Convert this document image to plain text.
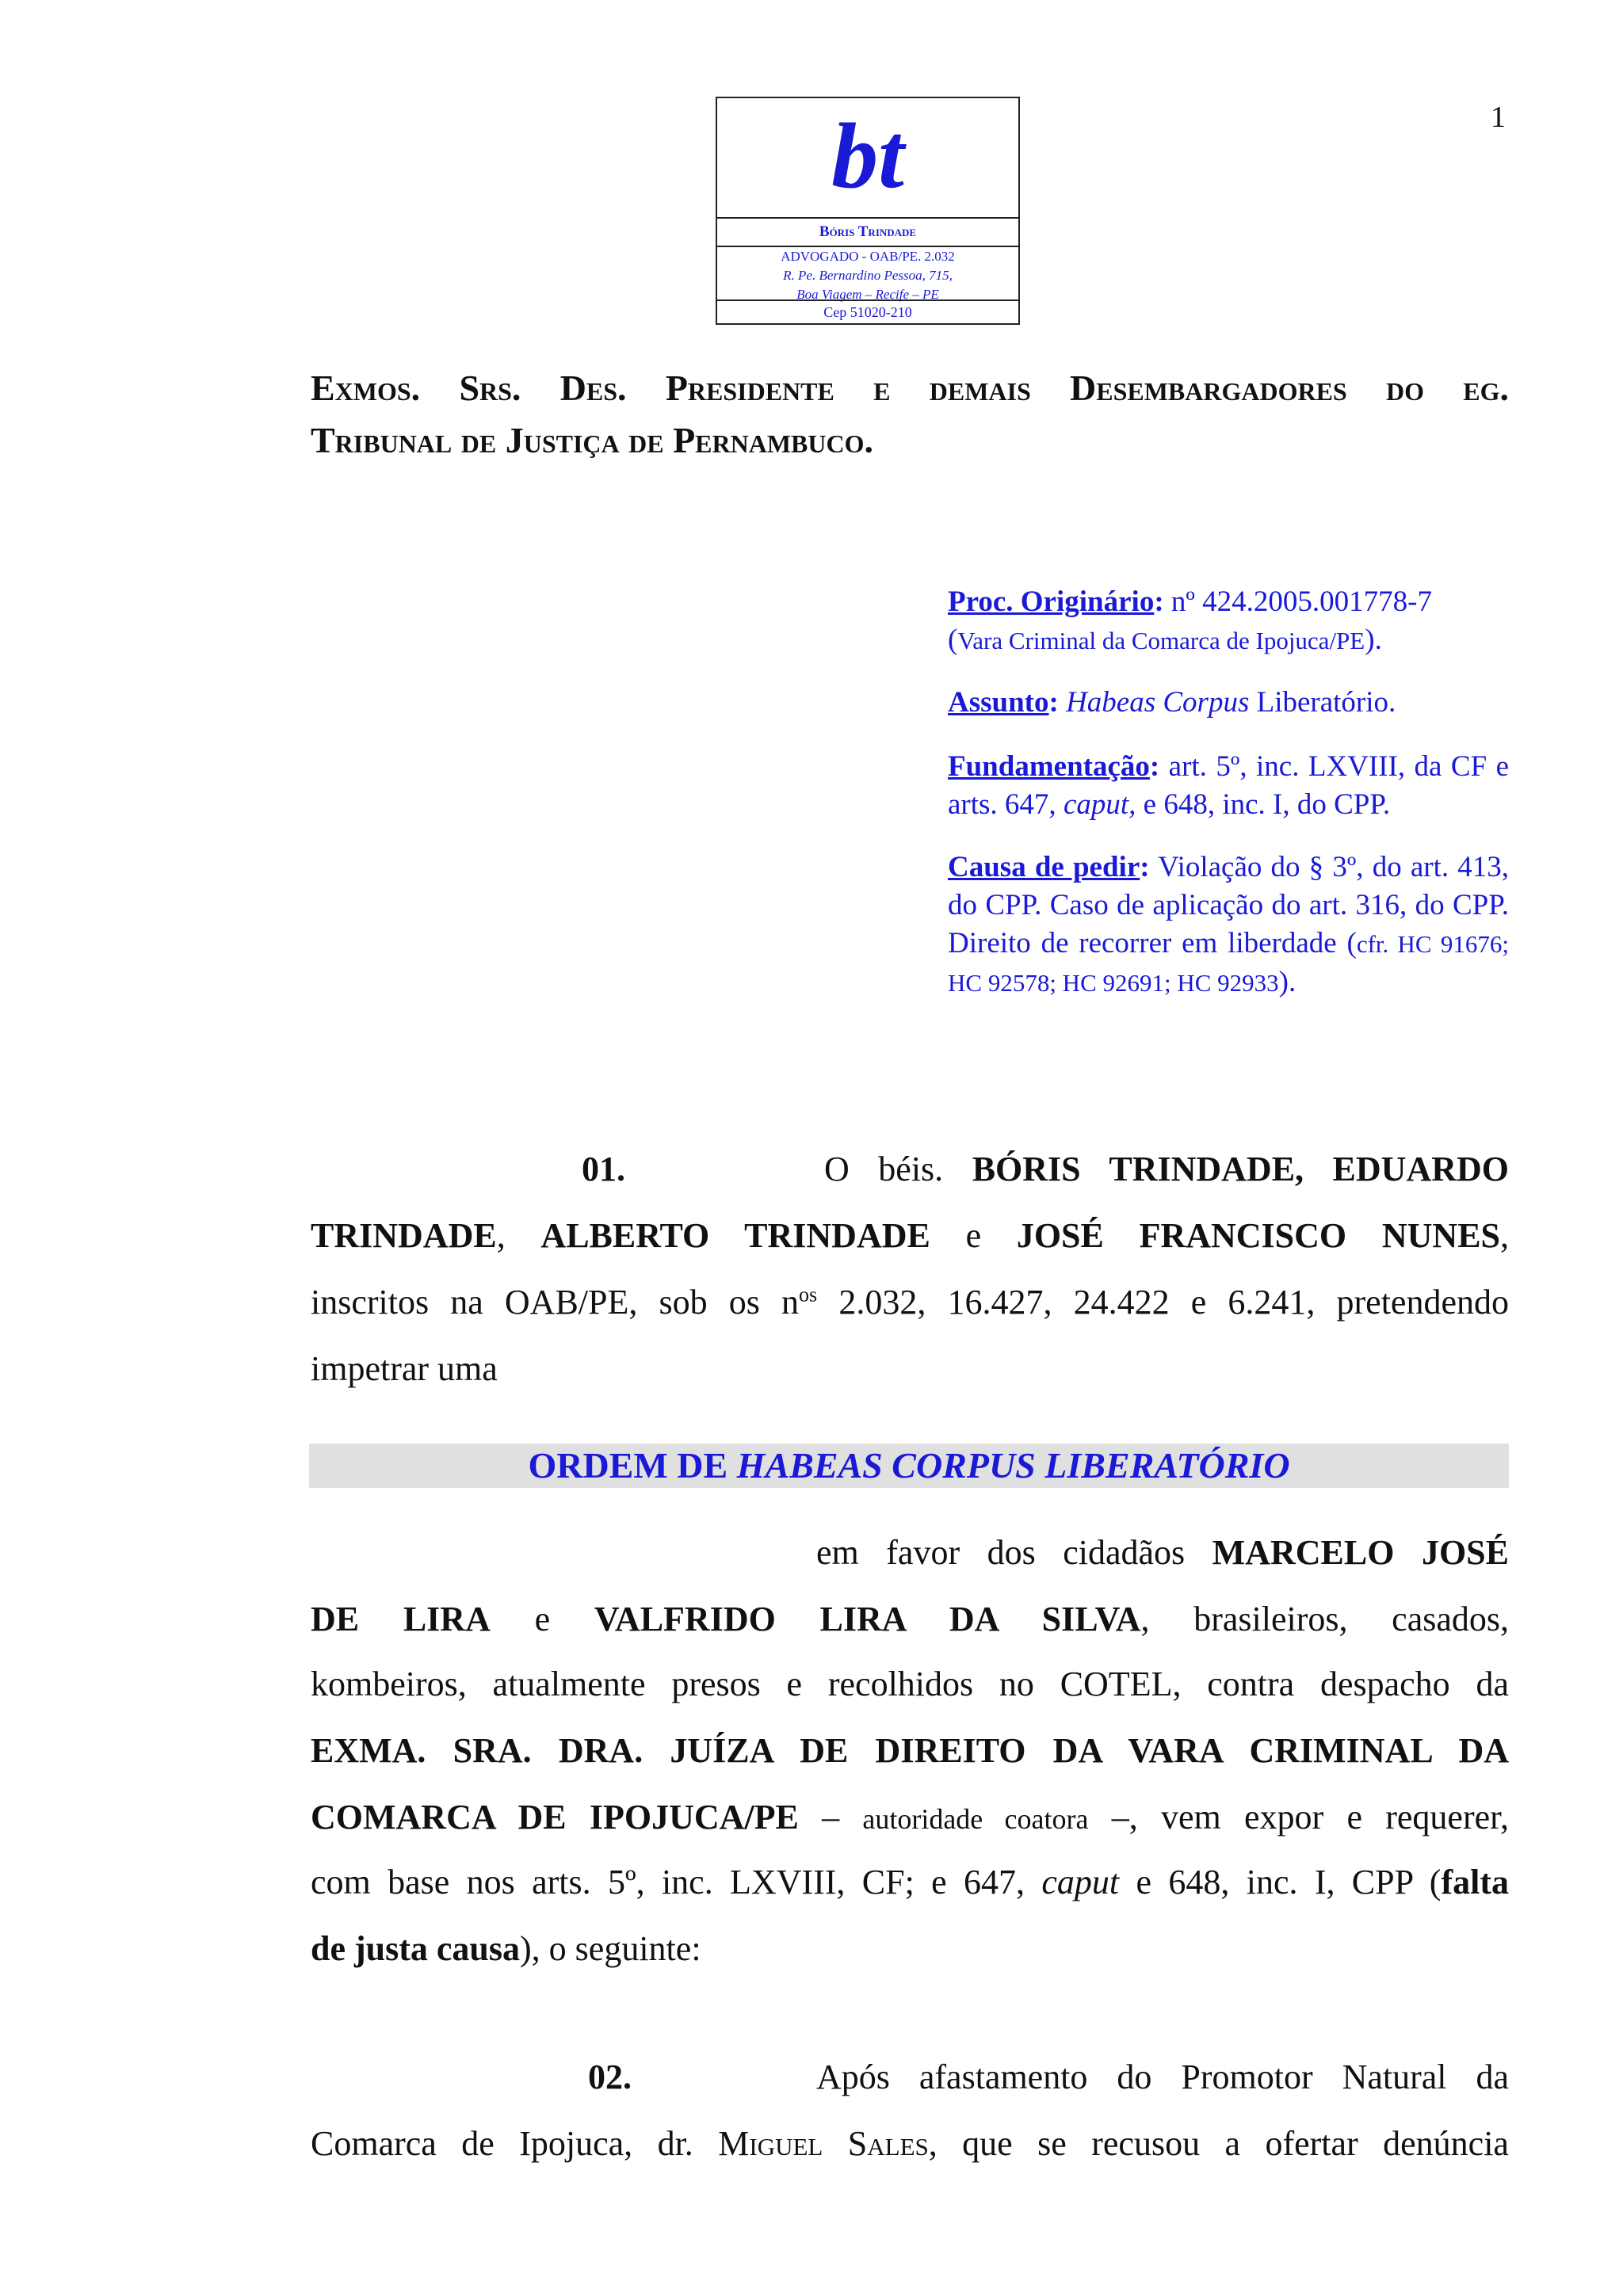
bt
Bóris Trindade
ADVOGADO - OAB/PE. 2.032
R. Pe. Bernardino Pessoa, 715,
Boa Viagem – Recife – PE
Cep 51020-210
1
Exmos. Srs. Des. Presidente e demais Desembargadores do eg.
Tribunal de Justiça de Pernambuco.
Proc. Originário: nº 424.2005.001778-7
(Vara Criminal da Comarca de Ipojuca/PE).
Assunto: Habeas Corpus Liberatório.
Fundamentação: art. 5º, inc. LXVIII, da CF e arts. 647, caput, e 648, inc. I, do CPP.
Causa de pedir: Violação do § 3º, do art. 413, do CPP. Caso de aplicação do art. 316, do CPP. Direito de recorrer em liberdade (cfr. HC 91676; HC 92578; HC 92691; HC 92933).
01.	O béis. BÓRIS TRINDADE, EDUARDO
TRINDADE, ALBERTO TRINDADE e JOSÉ FRANCISCO NUNES,
inscritos na OAB/PE, sob os $n^{os}$ 2.032, 16.427, 24.422 e 6.241, pretendendo
impetrar uma
ORDEM DE HABEAS CORPUS LIBERATÓRIO
em favor dos cidadãos MARCELO JOSÉ
DE LIRA e VALFRIDO LIRA DA SILVA, brasileiros, casados,
kombeiros, atualmente presos e recolhidos no COTEL, contra despacho da
EXMA. SRA. DRA. JUÍZA DE DIREITO DA VARA CRIMINAL DA
COMARCA DE IPOJUCA/PE – autoridade coatora –, vem expor e requerer,
com base nos arts. 5º, inc. LXVIII, CF; e 647, caput e 648, inc. I, CPP (falta
de justa causa), o seguinte:
02.	Após afastamento do Promotor Natural da
Comarca de Ipojuca, dr. Miguel Sales, que se recusou a ofertar denúncia
